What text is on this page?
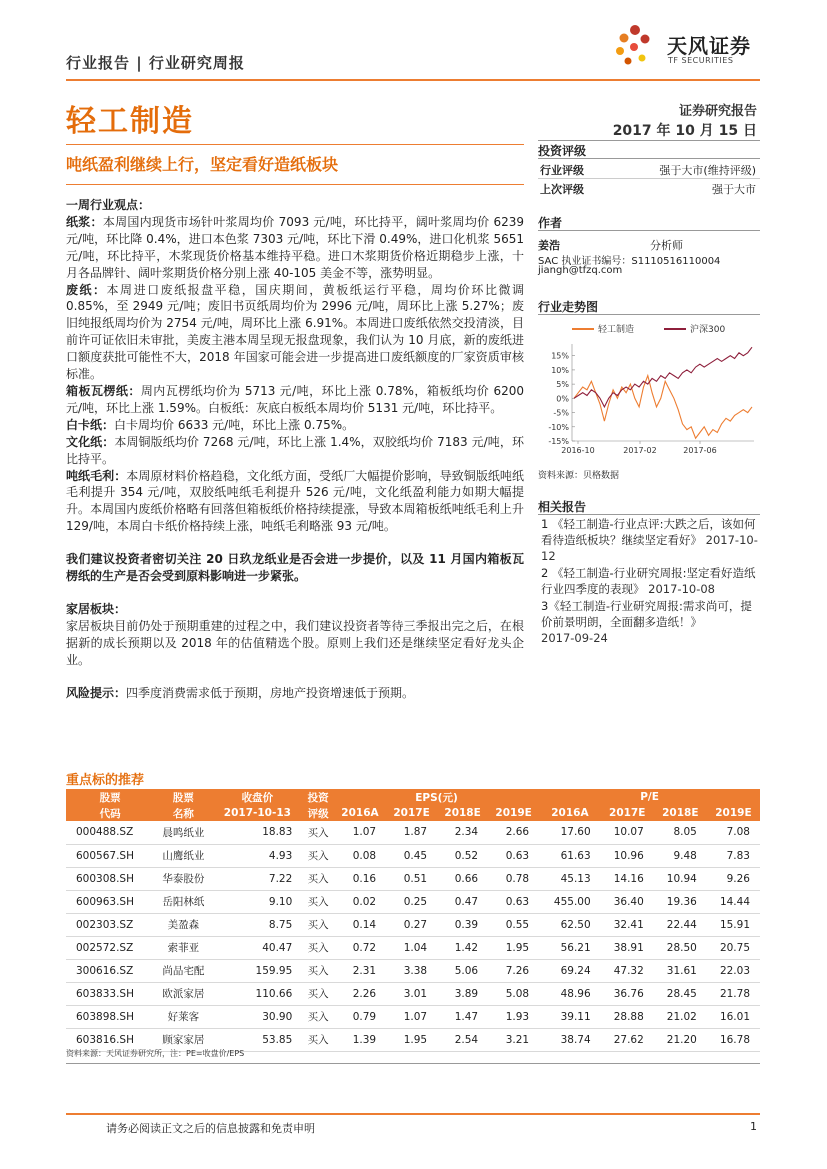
行业报告 | 行业研究周报
天风证券
TF SECURITIES
轻工制造	证券研究报告
2017 年 10 月 15 日
吨纸盈利继续上行，坚定看好造纸板块
投资评级
行业评级	强于大市(维持评级)
上次评级	强于大市
作者
姜浩	分析师
SAC 执业证书编号：S1110516110004
jiangh@tfzq.com
行业走势图
轻工制造	沪深300
15%
10%
5%
0%
-5%
-10%
-15%
2016-10	2017-02	2017-06
资料来源：贝格数据
相关报告
1 《轻工制造-行业点评:大跌之后，该如何看待造纸板块？继续坚定看好》 2017-10-12
2 《轻工制造-行业研究周报:坚定看好造纸行业四季度的表现》 2017-10-08
3《轻工制造-行业研究周报:需求尚可，提价前景明朗，全面翻多造纸！》
2017-09-24
一周行业观点：
纸浆：本周国内现货市场针叶浆周均价 7093 元/吨，环比持平，阔叶浆周均价 6239 元/吨，环比降 0.4%，进口本色浆 7303 元/吨，环比下滑 0.49%，进口化机浆 5651 元/吨，环比持平，木浆现货价格基本维持平稳。进口木浆期货价格近期稳步上涨，十月各品牌针、阔叶浆期货价格分别上涨 40-105 美金不等，涨势明显。
废纸：本周进口废纸报盘平稳，国庆期间，黄板纸运行平稳，周均价环比微调 0.85%，至 2949 元/吨；废旧书页纸周均价为 2996 元/吨，周环比上涨 5.27%；废旧纯报纸周均价为 2754 元/吨，周环比上涨 6.91%。本周进口废纸依然交投清淡，目前许可证依旧未审批，美废主港本周呈现无报盘现象，我们认为 10 月底，新的废纸进口额度获批可能性不大，2018 年国家可能会进一步提高进口废纸额度的厂家资质审核标准。
箱板瓦楞纸：周内瓦楞纸均价为 5713 元/吨，环比上涨 0.78%，箱板纸均价 6200 元/吨，环比上涨 1.59%。白板纸：灰底白板纸本周均价 5131 元/吨，环比持平。
白卡纸：白卡周均价 6633 元/吨，环比上涨 0.75%。
文化纸：本周铜版纸均价 7268 元/吨，环比上涨 1.4%，双胶纸均价 7183 元/吨，环比持平。
吨纸毛利：本周原材料价格趋稳，文化纸方面，受纸厂大幅提价影响，导致铜版纸吨纸毛利提升 354 元/吨，双胶纸吨纸毛利提升 526 元/吨，文化纸盈利能力如期大幅提升。本周国内废纸价格略有回落但箱板纸价格持续提涨，导致本周箱板纸吨纸毛利上升 129/吨，本周白卡纸价格持续上涨，吨纸毛利略涨 93 元/吨。
我们建议投资者密切关注 20 日玖龙纸业是否会进一步提价，以及 11 月国内箱板瓦楞纸的生产是否会受到原料影响进一步紧张。
家居板块：
家居板块目前仍处于预期重建的过程之中，我们建议投资者等待三季报出完之后，在根据新的成长预期以及 2018 年的估值精选个股。原则上我们还是继续坚定看好龙头企业。
风险提示：四季度消费需求低于预期，房地产投资增速低于预期。
重点标的推荐
股票	股票	收盘价	投资	EPS(元)				P/E			
代码	名称	2017-10-13	评级	2016A	2017E	2018E	2019E	2016A	2017E	2018E	2019E
000488.SZ	晨鸣纸业	18.83	买入	1.07	1.87	2.34	2.66	17.60	10.07	8.05	7.08
600567.SH	山鹰纸业	4.93	买入	0.08	0.45	0.52	0.63	61.63	10.96	9.48	7.83
600308.SH	华泰股份	7.22	买入	0.16	0.51	0.66	0.78	45.13	14.16	10.94	9.26
600963.SH	岳阳林纸	9.10	买入	0.02	0.25	0.47	0.63	455.00	36.40	19.36	14.44
002303.SZ	美盈森	8.75	买入	0.14	0.27	0.39	0.55	62.50	32.41	22.44	15.91
002572.SZ	索菲亚	40.47	买入	0.72	1.04	1.42	1.95	56.21	38.91	28.50	20.75
300616.SZ	尚品宅配	159.95	买入	2.31	3.38	5.06	7.26	69.24	47.32	31.61	22.03
603833.SH	欧派家居	110.66	买入	2.26	3.01	3.89	5.08	48.96	36.76	28.45	21.78
603898.SH	好莱客	30.90	买入	0.79	1.07	1.47	1.93	39.11	28.88	21.02	16.01
603816.SH	顾家家居	53.85	买入	1.39	1.95	2.54	3.21	38.74	27.62	21.20	16.78
资料来源：天风证券研究所，注：PE=收盘价/EPS
请务必阅读正文之后的信息披露和免责申明	1
